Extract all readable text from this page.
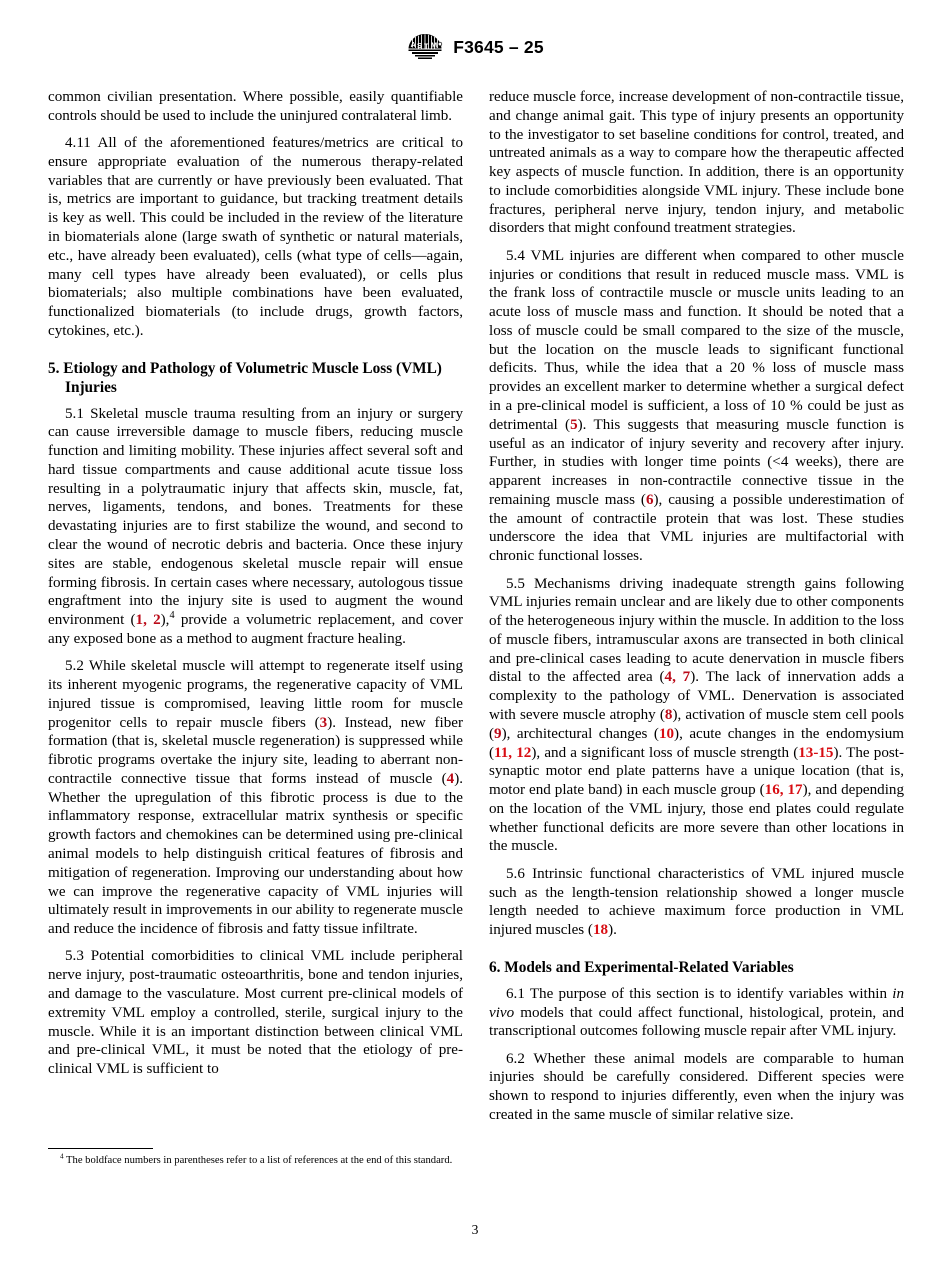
A S T M F3645 – 25

common civilian presentation. Where possible, easily quantifiable controls should be used to include the uninjured contralateral limb.

4.11 All of the aforementioned features/metrics are critical to ensure appropriate evaluation of the numerous therapy-related variables that are currently or have previously been evaluated. That is, metrics are important to guidance, but tracking treatment details is key as well. This could be included in the review of the literature in biomaterials alone (large swath of synthetic or natural materials, etc., have already been evaluated), cells (what type of cells—again, many cell types have already been evaluated), or cells plus biomaterials; also multiple combinations have been evaluated, functionalized biomaterials (to include drugs, growth factors, cytokines, etc.).

5. Etiology and Pathology of Volumetric Muscle Loss (VML) Injuries

5.1 Skeletal muscle trauma resulting from an injury or surgery can cause irreversible damage to muscle fibers, reducing muscle function and limiting mobility. These injuries affect several soft and hard tissue compartments and cause additional acute tissue loss resulting in a polytraumatic injury that affects skin, muscle, fat, nerves, ligaments, tendons, and bones. Treatments for these devastating injuries are to first stabilize the wound, and second to clear the wound of necrotic debris and bacteria. Once these injury sites are stable, endogenous skeletal muscle repair will ensue forming fibrosis. In certain cases where necessary, autologous tissue engraftment into the injury site is used to augment the wound environment (1, 2),$^4$ provide a volumetric replacement, and cover any exposed bone as a method to augment fracture healing.

5.2 While skeletal muscle will attempt to regenerate itself using its inherent myogenic programs, the regenerative capacity of VML injured tissue is compromised, leaving little room for muscle progenitor cells to repair muscle fibers (3). Instead, new fiber formation (that is, skeletal muscle regeneration) is suppressed while fibrotic programs overtake the injury site, leading to aberrant non-contractile connective tissue that forms instead of muscle (4). Whether the upregulation of this fibrotic process is due to the inflammatory response, extracellular matrix synthesis or specific growth factors and chemokines can be determined using pre-clinical animal models to help distinguish critical features of fibrosis and mitigation of regeneration. Improving our understanding about how we can improve the regenerative capacity of VML injuries will ultimately result in improvements in our ability to regenerate muscle and reduce the incidence of fibrosis and fatty tissue infiltrate.

5.3 Potential comorbidities to clinical VML include peripheral nerve injury, post-traumatic osteoarthritis, bone and tendon injuries, and damage to the vasculature. Most current pre-clinical models of extremity VML employ a controlled, sterile, surgical injury to the muscle. While it is an important distinction between clinical VML and pre-clinical VML, it must be noted that the etiology of pre-clinical VML is sufficient to

reduce muscle force, increase development of non-contractile tissue, and change animal gait. This type of injury presents an opportunity to the investigator to set baseline conditions for control, treated, and untreated animals as a way to compare how the therapeutic affected key aspects of muscle function. In addition, there is an opportunity to include comorbidities alongside VML injury. These include bone fractures, peripheral nerve injury, tendon injury, and metabolic disorders that might confound treatment strategies.

5.4 VML injuries are different when compared to other muscle injuries or conditions that result in reduced muscle mass. VML is the frank loss of contractile muscle or muscle units leading to an acute loss of muscle mass and function. It should be noted that a loss of muscle could be small compared to the size of the muscle, but the location on the muscle leads to significant functional deficits. Thus, while the idea that a 20 % loss of muscle mass provides an excellent marker to determine whether a surgical defect in a pre-clinical model is sufficient, a loss of 10 % could be just as detrimental (5). This suggests that measuring muscle function is useful as an indicator of injury severity and recovery after injury. Further, in studies with longer time points (<4 weeks), there are apparent increases in non-contractile connective tissue in the remaining muscle mass (6), causing a possible underestimation of the amount of contractile protein that was lost. These studies underscore the idea that VML injuries are multifactorial with chronic functional losses.

5.5 Mechanisms driving inadequate strength gains following VML injuries remain unclear and are likely due to other components of the heterogeneous injury within the muscle. In addition to the loss of muscle fibers, intramuscular axons are transected in both clinical and pre-clinical cases leading to acute denervation in muscle fibers distal to the affected area (4, 7). The lack of innervation adds a complexity to the pathology of VML. Denervation is associated with severe muscle atrophy (8), activation of muscle stem cell pools (9), architectural changes (10), acute changes in the endomysium (11, 12), and a significant loss of muscle strength (13-15). The post-synaptic motor end plate patterns have a unique location (that is, motor end plate band) in each muscle group (16, 17), and depending on the location of the VML injury, those end plates could regulate whether functional deficits are more severe than other locations in the muscle.

5.6 Intrinsic functional characteristics of VML injured muscle such as the length-tension relationship showed a longer muscle length needed to achieve maximum force production in VML injured muscles (18).

6. Models and Experimental-Related Variables

6.1 The purpose of this section is to identify variables within in vivo models that could affect functional, histological, protein, and transcriptional outcomes following muscle repair after VML injury.

6.2 Whether these animal models are comparable to human injuries should be carefully considered. Different species were shown to respond to injuries differently, even when the injury was created in the same muscle of similar relative size.

$^4$ The boldface numbers in parentheses refer to a list of references at the end of this standard.

3
